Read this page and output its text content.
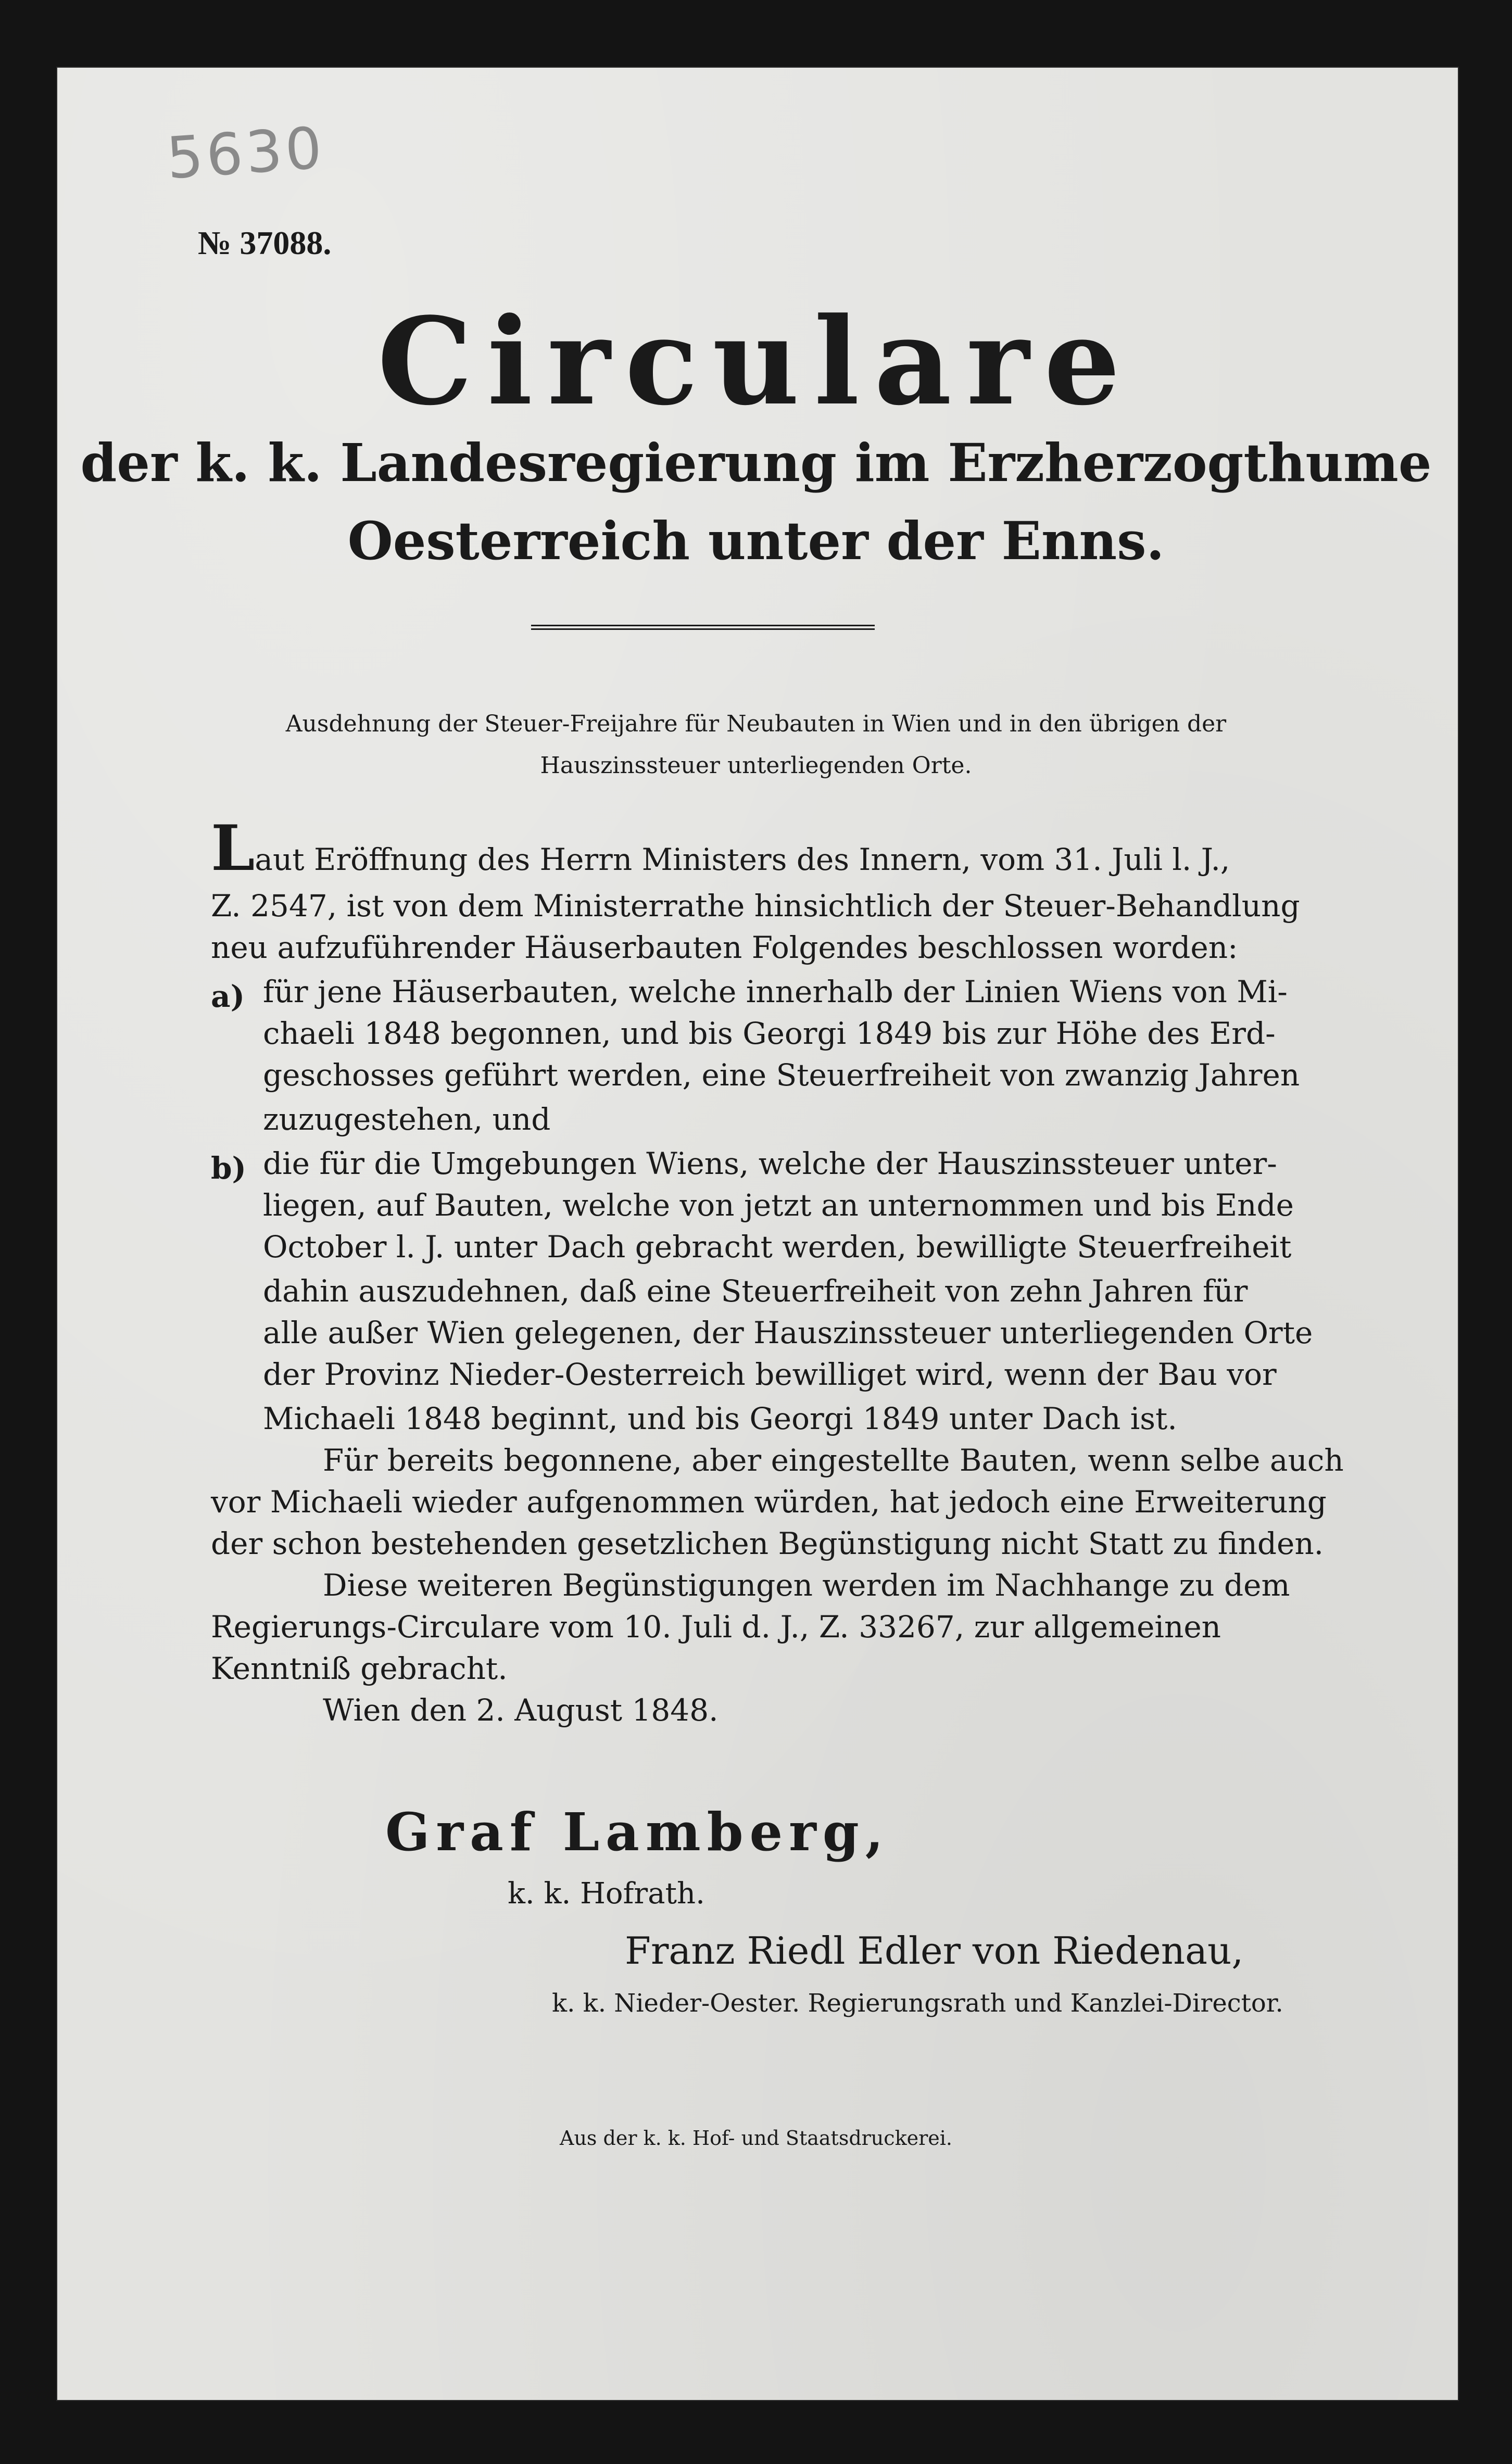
5630
№ 37088.
Circulare
der k. k. Landesregierung im Erzherzogthume
Oesterreich unter der Enns.
Ausdehnung der Steuer-Freijahre für Neubauten in Wien und in den übrigen der
Hauszinssteuer unterliegenden Orte.
Laut Eröffnung des Herrn Ministers des Innern, vom 31. Juli l. J.,
Z. 2547, ist von dem Ministerrathe hinsichtlich der Steuer-Behandlung
neu aufzuführender Häuserbauten Folgendes beschlossen worden:
a) für jene Häuserbauten, welche innerhalb der Linien Wiens von Mi-
chaeli 1848 begonnen, und bis Georgi 1849 bis zur Höhe des Erd-
geschosses geführt werden, eine Steuerfreiheit von zwanzig Jahren
zuzugestehen, und
b) die für die Umgebungen Wiens, welche der Hauszinssteuer unter-
liegen, auf Bauten, welche von jetzt an unternommen und bis Ende
October l. J. unter Dach gebracht werden, bewilligte Steuerfreiheit
dahin auszudehnen, daß eine Steuerfreiheit von zehn Jahren für
alle außer Wien gelegenen, der Hauszinssteuer unterliegenden Orte
der Provinz Nieder-Oesterreich bewilliget wird, wenn der Bau vor
Michaeli 1848 beginnt, und bis Georgi 1849 unter Dach ist.
Für bereits begonnene, aber eingestellte Bauten, wenn selbe auch
vor Michaeli wieder aufgenommen würden, hat jedoch eine Erweiterung
der schon bestehenden gesetzlichen Begünstigung nicht Statt zu finden.
Diese weiteren Begünstigungen werden im Nachhange zu dem
Regierungs-Circulare vom 10. Juli d. J., Z. 33267, zur allgemeinen
Kenntniß gebracht.
Wien den 2. August 1848.
Graf Lamberg,
k. k. Hofrath.
Franz Riedl Edler von Riedenau,
k. k. Nieder-Oester. Regierungsrath und Kanzlei-Director.
Aus der k. k. Hof- und Staatsdruckerei.
